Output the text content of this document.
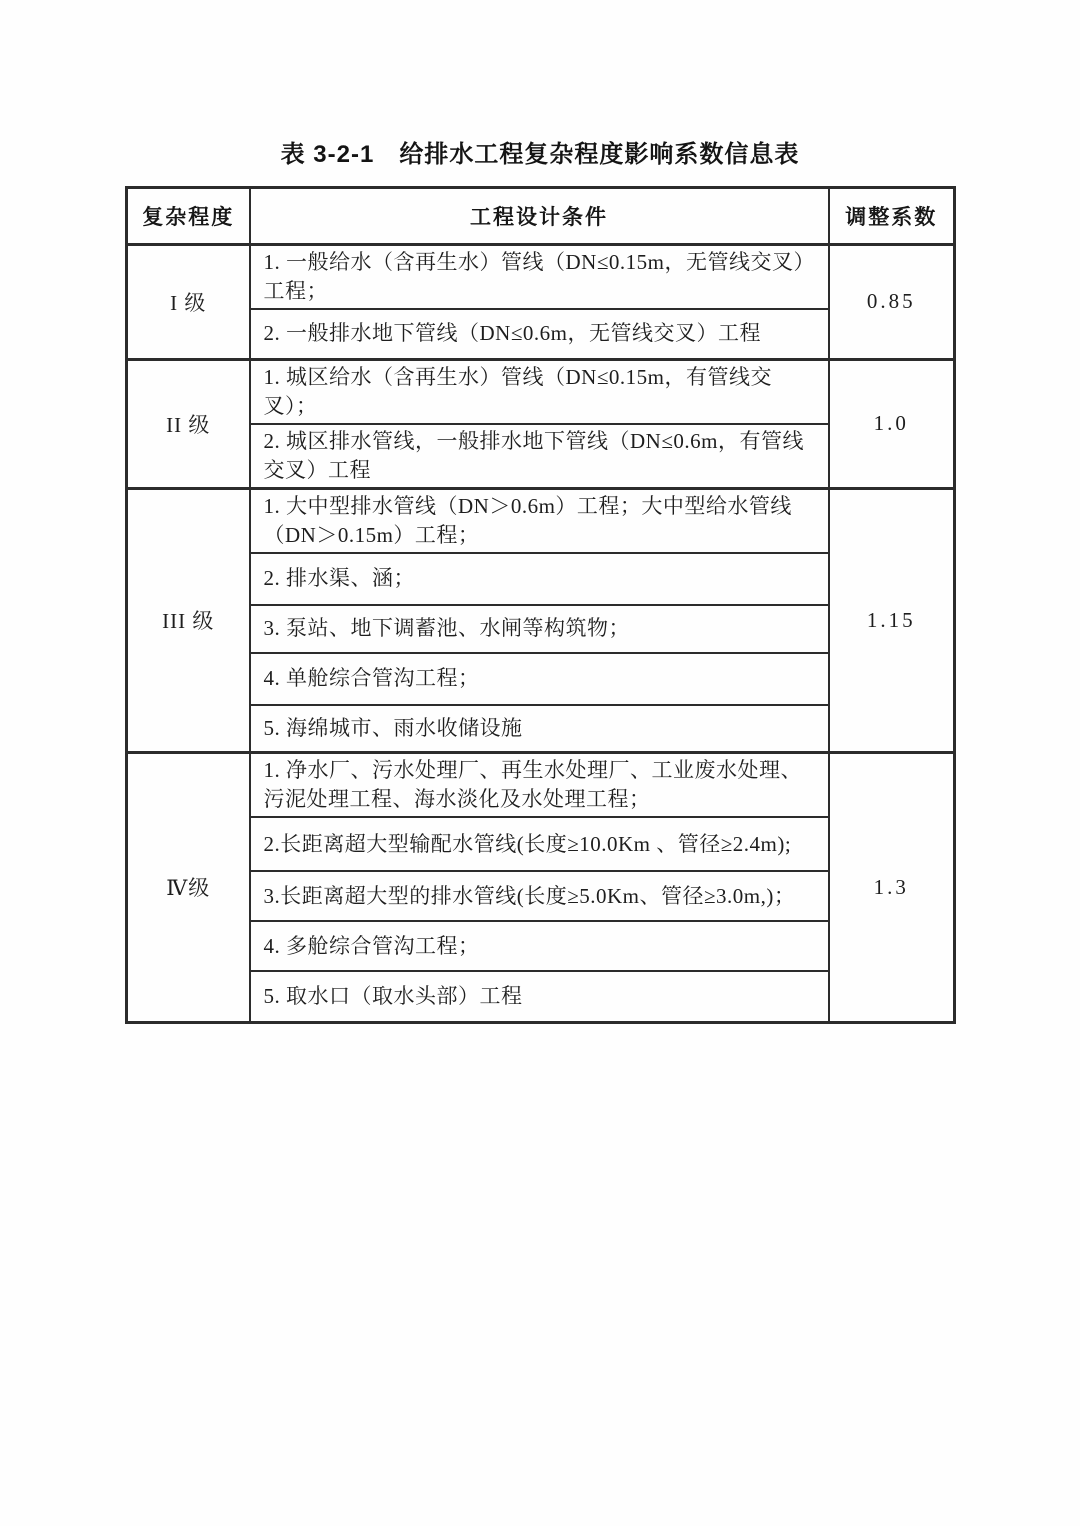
表 3-2-1　给排水工程复杂程度影响系数信息表
复杂程度	工程设计条件	调整系数
I 级	1. 一般给水（含再生水）管线（DN≤0.15m，无管线交叉）工程；	0.85
	2. 一般排水地下管线（DN≤0.6m，无管线交叉）工程	
II 级	1. 城区给水（含再生水）管线（DN≤0.15m，有管线交叉）；	1.0
	2. 城区排水管线，一般排水地下管线（DN≤0.6m，有管线交叉）工程	
III 级	1. 大中型排水管线（DN＞0.6m）工程；大中型给水管线（DN＞0.15m）工程；	1.15
	2. 排水渠、涵；	
	3. 泵站、地下调蓄池、水闸等构筑物；	
	4. 单舱综合管沟工程；	
	5. 海绵城市、雨水收储设施	
Ⅳ级	1. 净水厂、污水处理厂、再生水处理厂、工业废水处理、污泥处理工程、海水淡化及水处理工程；	1.3
	2.长距离超大型输配水管线(长度≥10.0Km 、管径≥2.4m);	
	3.长距离超大型的排水管线(长度≥5.0Km、管径≥3.0m,)；	
	4. 多舱综合管沟工程；	
	5. 取水口（取水头部）工程	
